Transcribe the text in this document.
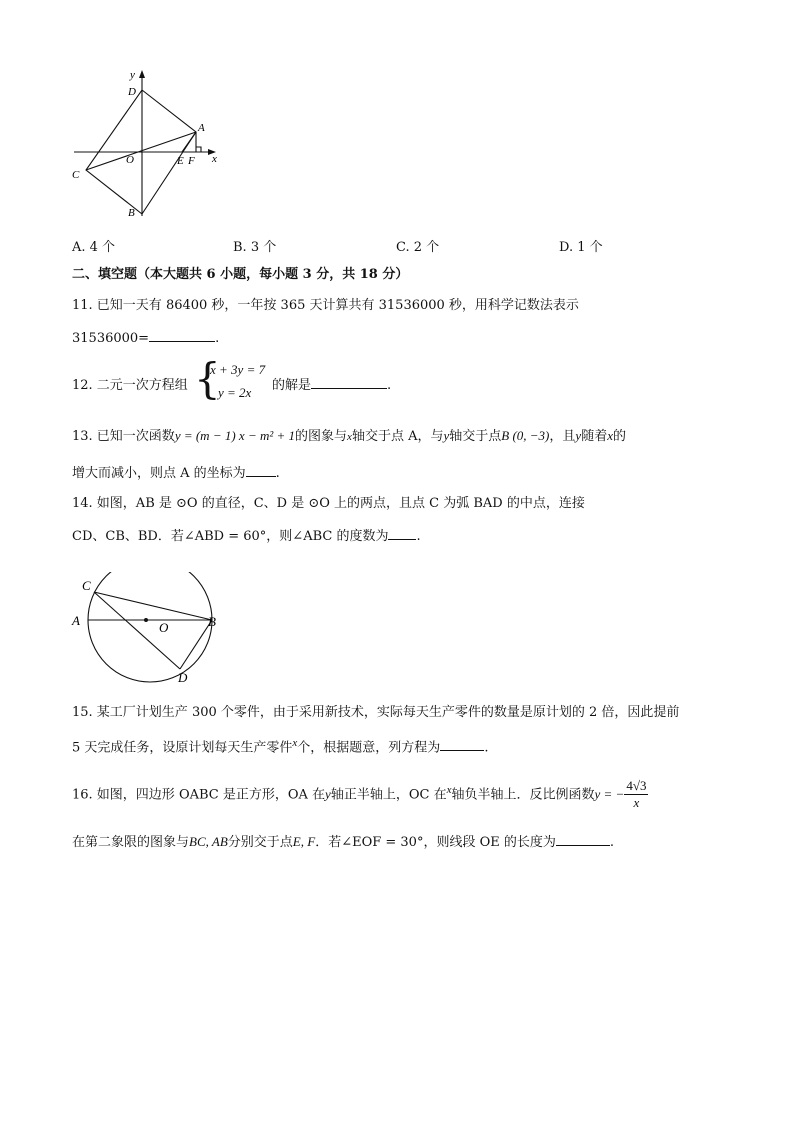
y
x
D
A
O
C
E F
B
A. 4 个	B. 3 个	C. 2 个	D. 1 个
二、填空题（本大题共 6 小题，每小题 3 分，共 18 分）
11. 已知一天有 86400 秒，一年按 365 天计算共有 31536000 秒，用科学记数法表示
31536000=	.
12. 二元一次方程组 {
x + 3y = 7
y = 2x 的解是	.
13. 已知一次函数y = (m − 1) x − m² + 1的图象与x轴交于点 A，与y轴交于点B (0, −3)，且y随着x的
增大而减小，则点 A 的坐标为 .
14. 如图，AB 是 ⊙O 的直径，C、D 是 ⊙O 上的两点，且点 C 为弧 BAD 的中点，连接
CD、CB、BD．若∠ABD = 60°，则∠ABC 的度数为 .
C
A	O	B
D
15. 某工厂计划生产 300 个零件，由于采用新技术，实际每天生产零件的数量是原计划的 2 倍，因此提前
5 天完成任务，设原计划每天生产零件$^x$个，根据题意，列方程为	.
16. 如图，四边形 OABC 是正方形，OA 在y轴正半轴上，OC 在$^x$轴负半轴上．反比例函数y = − $\frac{4√3}{x}$
在第二象限的图象与BC, AB分别交于点E, F．若∠EOF = 30°，则线段 OE 的长度为	.
